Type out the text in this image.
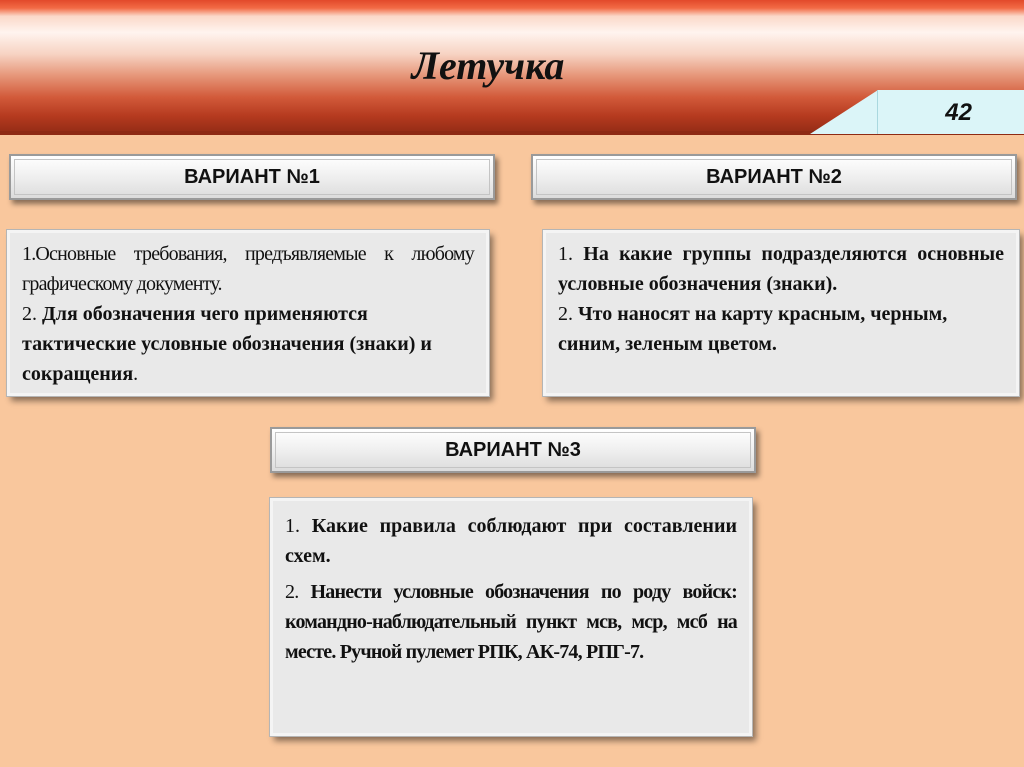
Летучка
42
ВАРИАНТ №1

1.Основные требования, предъявляемые к любому графическому документу.

2. Для обозначения чего применяются тактические условные обозначения (знаки) и сокращения.

ВАРИАНТ №2

1. На какие группы подразделяются основные условные обозначения (знаки).

2. Что наносят на карту красным, черным, синим, зеленым цветом.

ВАРИАНТ №3

1. Какие правила соблюдают при составлении схем.

2. Нанести условные обозначения по роду войск: командно-наблюдательный пункт мсв, мср, мсб на месте. Ручной пулемет РПК, АК-74, РПГ-7.
